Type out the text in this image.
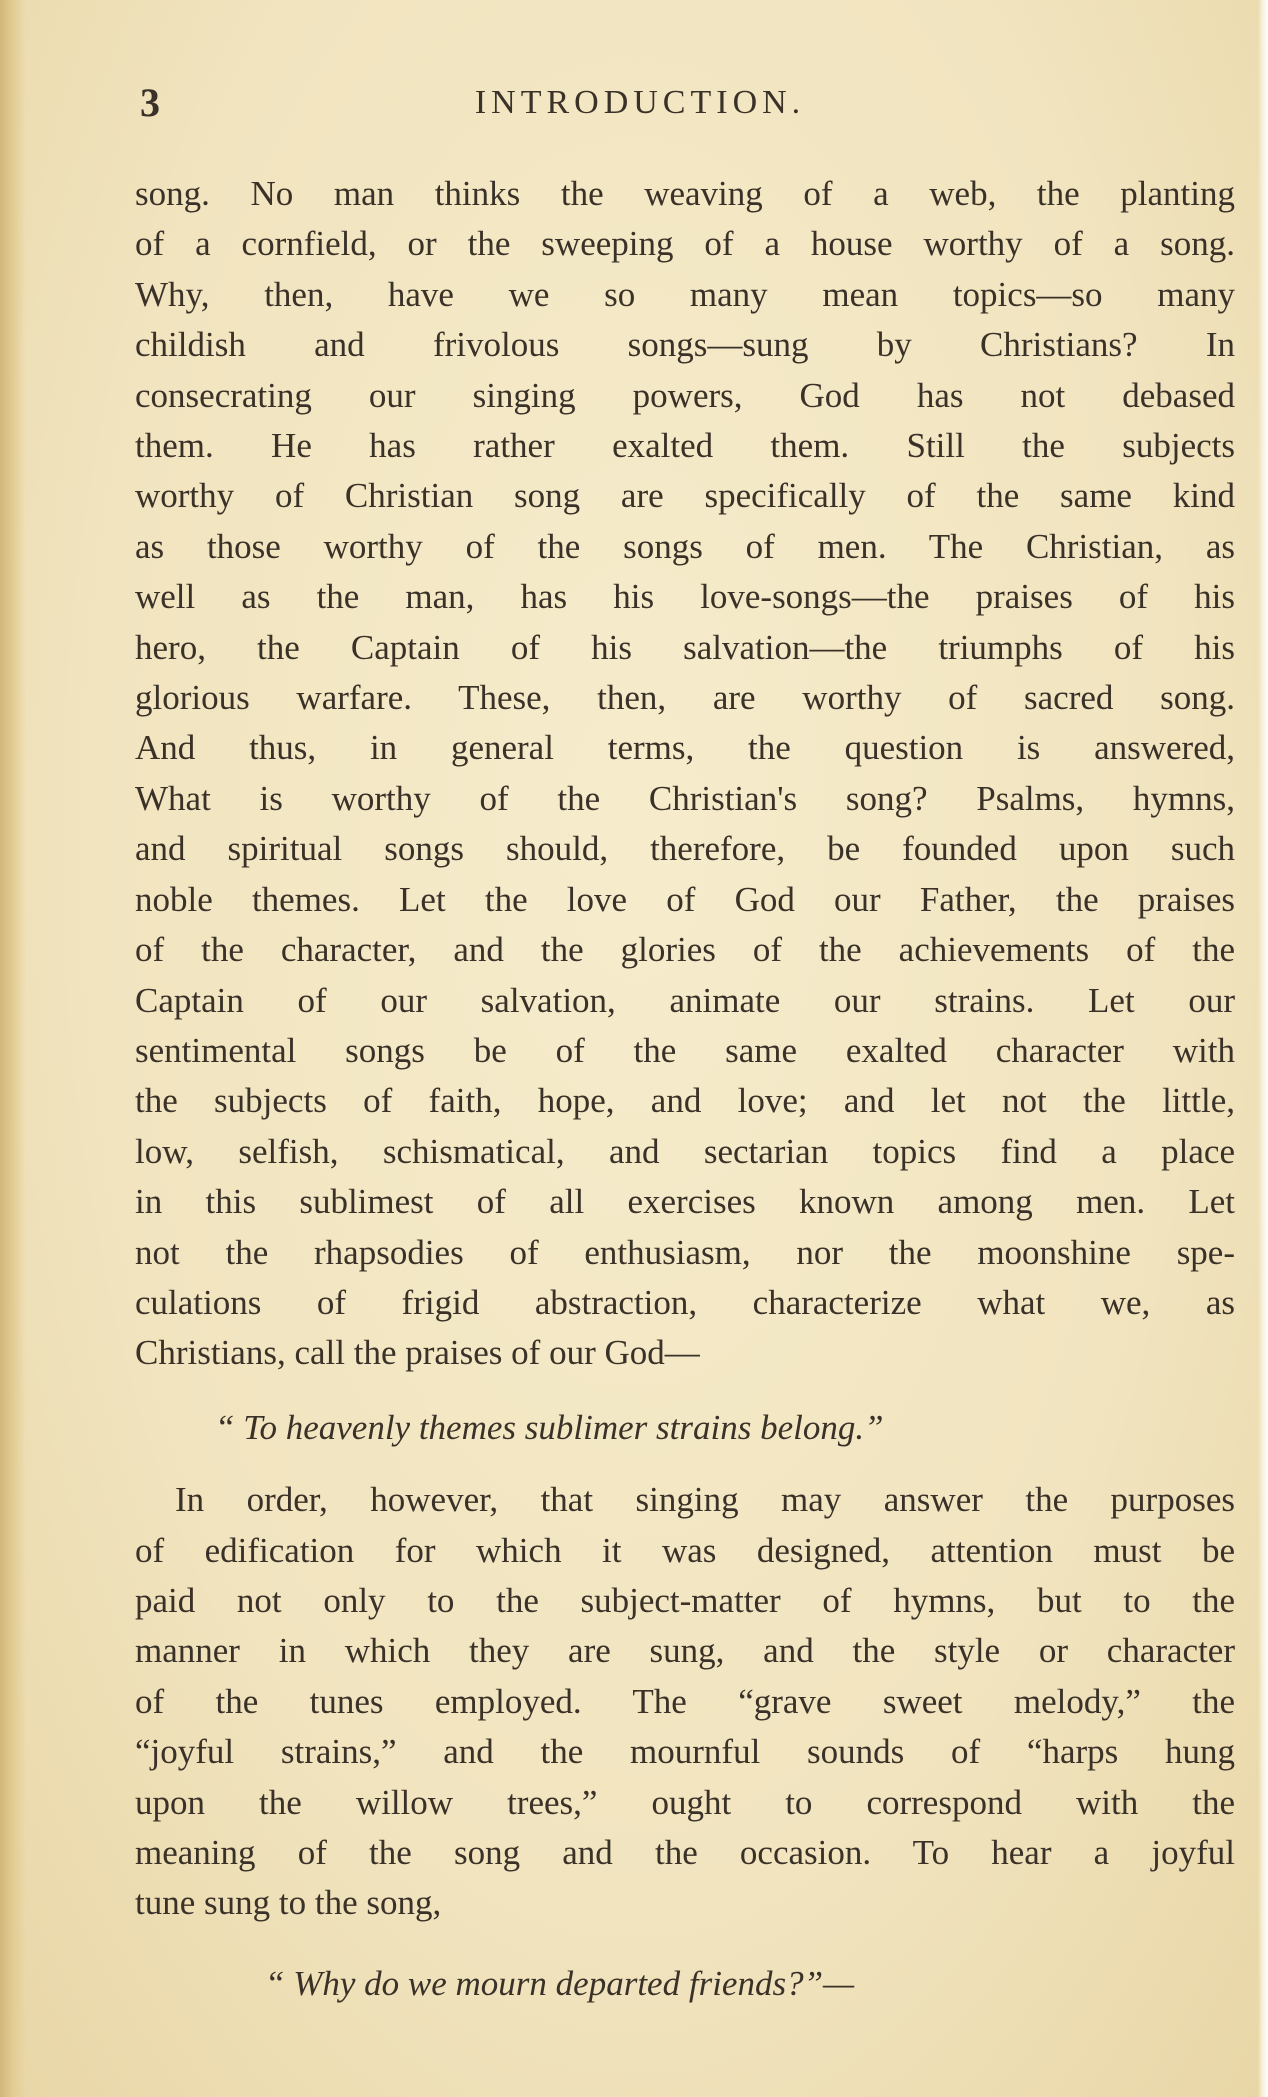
3	INTRODUCTION.
song. No man thinks the weaving of a web, the planting
of a cornfield, or the sweeping of a house worthy of a song.
Why, then, have we so many mean topics—so many
childish and frivolous songs—sung by Christians? In
consecrating our singing powers, God has not debased
them. He has rather exalted them. Still the subjects
worthy of Christian song are specifically of the same kind
as those worthy of the songs of men. The Christian, as
well as the man, has his love-songs—the praises of his
hero, the Captain of his salvation—the triumphs of his
glorious warfare. These, then, are worthy of sacred song.
And thus, in general terms, the question is answered,
What is worthy of the Christian's song? Psalms, hymns,
and spiritual songs should, therefore, be founded upon such
noble themes. Let the love of God our Father, the praises
of the character, and the glories of the achievements of the
Captain of our salvation, animate our strains. Let our
sentimental songs be of the same exalted character with
the subjects of faith, hope, and love; and let not the little,
low, selfish, schismatical, and sectarian topics find a place
in this sublimest of all exercises known among men. Let
not the rhapsodies of enthusiasm, nor the moonshine spe-
culations of frigid abstraction, characterize what we, as
Christians, call the praises of our God—
“ To heavenly themes sublimer strains belong.”
In order, however, that singing may answer the purposes
of edification for which it was designed, attention must be
paid not only to the subject-matter of hymns, but to the
manner in which they are sung, and the style or character
of the tunes employed. The “grave sweet melody,” the
“joyful strains,” and the mournful sounds of “harps hung
upon the willow trees,” ought to correspond with the
meaning of the song and the occasion. To hear a joyful
tune sung to the song,
“ Why do we mourn departed friends?”—
